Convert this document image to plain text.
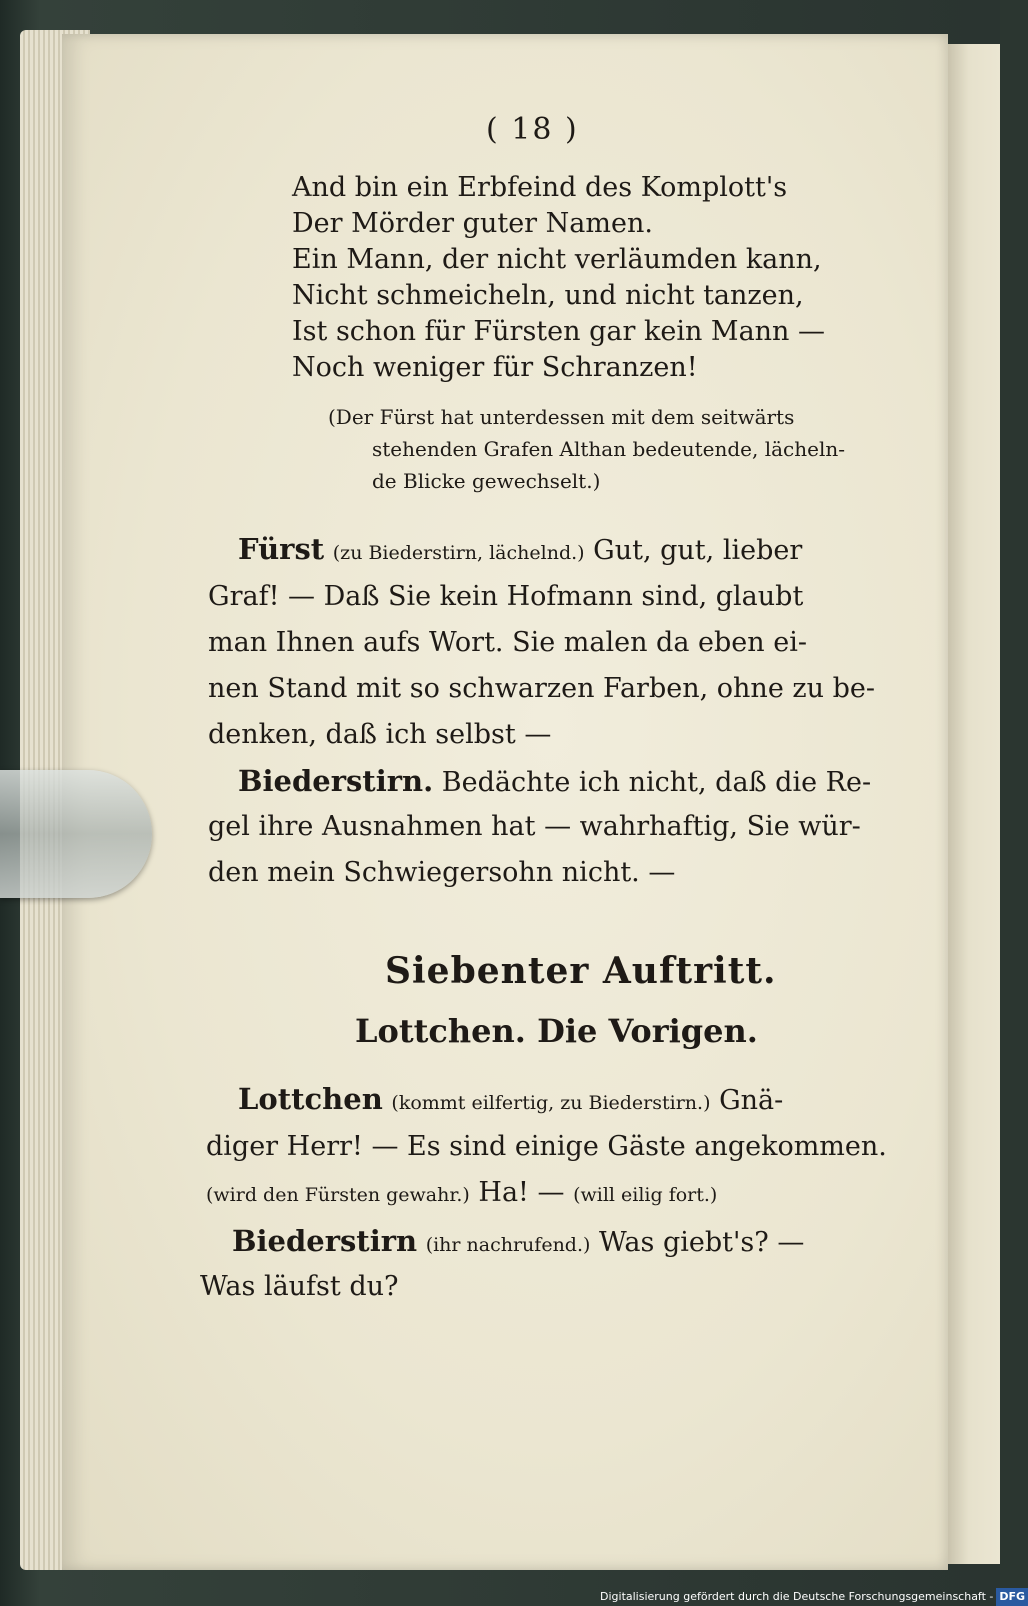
( 18 )
And bin ein Erbfeind des Komplott's
Der Mörder guter Namen.
Ein Mann, der nicht verläumden kann,
Nicht schmeicheln, und nicht tanzen,
Ist schon für Fürsten gar kein Mann —
Noch weniger für Schranzen!
(Der Fürst hat unterdessen mit dem seitwärts
stehenden Grafen Althan bedeutende, lächeln-
de Blicke gewechselt.)
Fürst (zu Biederstirn, lächelnd.) Gut, gut, lieber
Graf! — Daß Sie kein Hofmann sind, glaubt
man Ihnen aufs Wort. Sie malen da eben ei-
nen Stand mit so schwarzen Farben, ohne zu be-
denken, daß ich selbst —
Biederstirn. Bedächte ich nicht, daß die Re-
gel ihre Ausnahmen hat — wahrhaftig, Sie wür-
den mein Schwiegersohn nicht. —
Siebenter Auftritt.
Lottchen. Die Vorigen.
Lottchen (kommt eilfertig, zu Biederstirn.) Gnä-
diger Herr! — Es sind einige Gäste angekommen.
(wird den Fürsten gewahr.) Ha! — (will eilig fort.)
Biederstirn (ihr nachrufend.) Was giebt's? —
Was läufst du?
Digitalisierung gefördert durch die Deutsche Forschungsgemeinschaft - DFG
